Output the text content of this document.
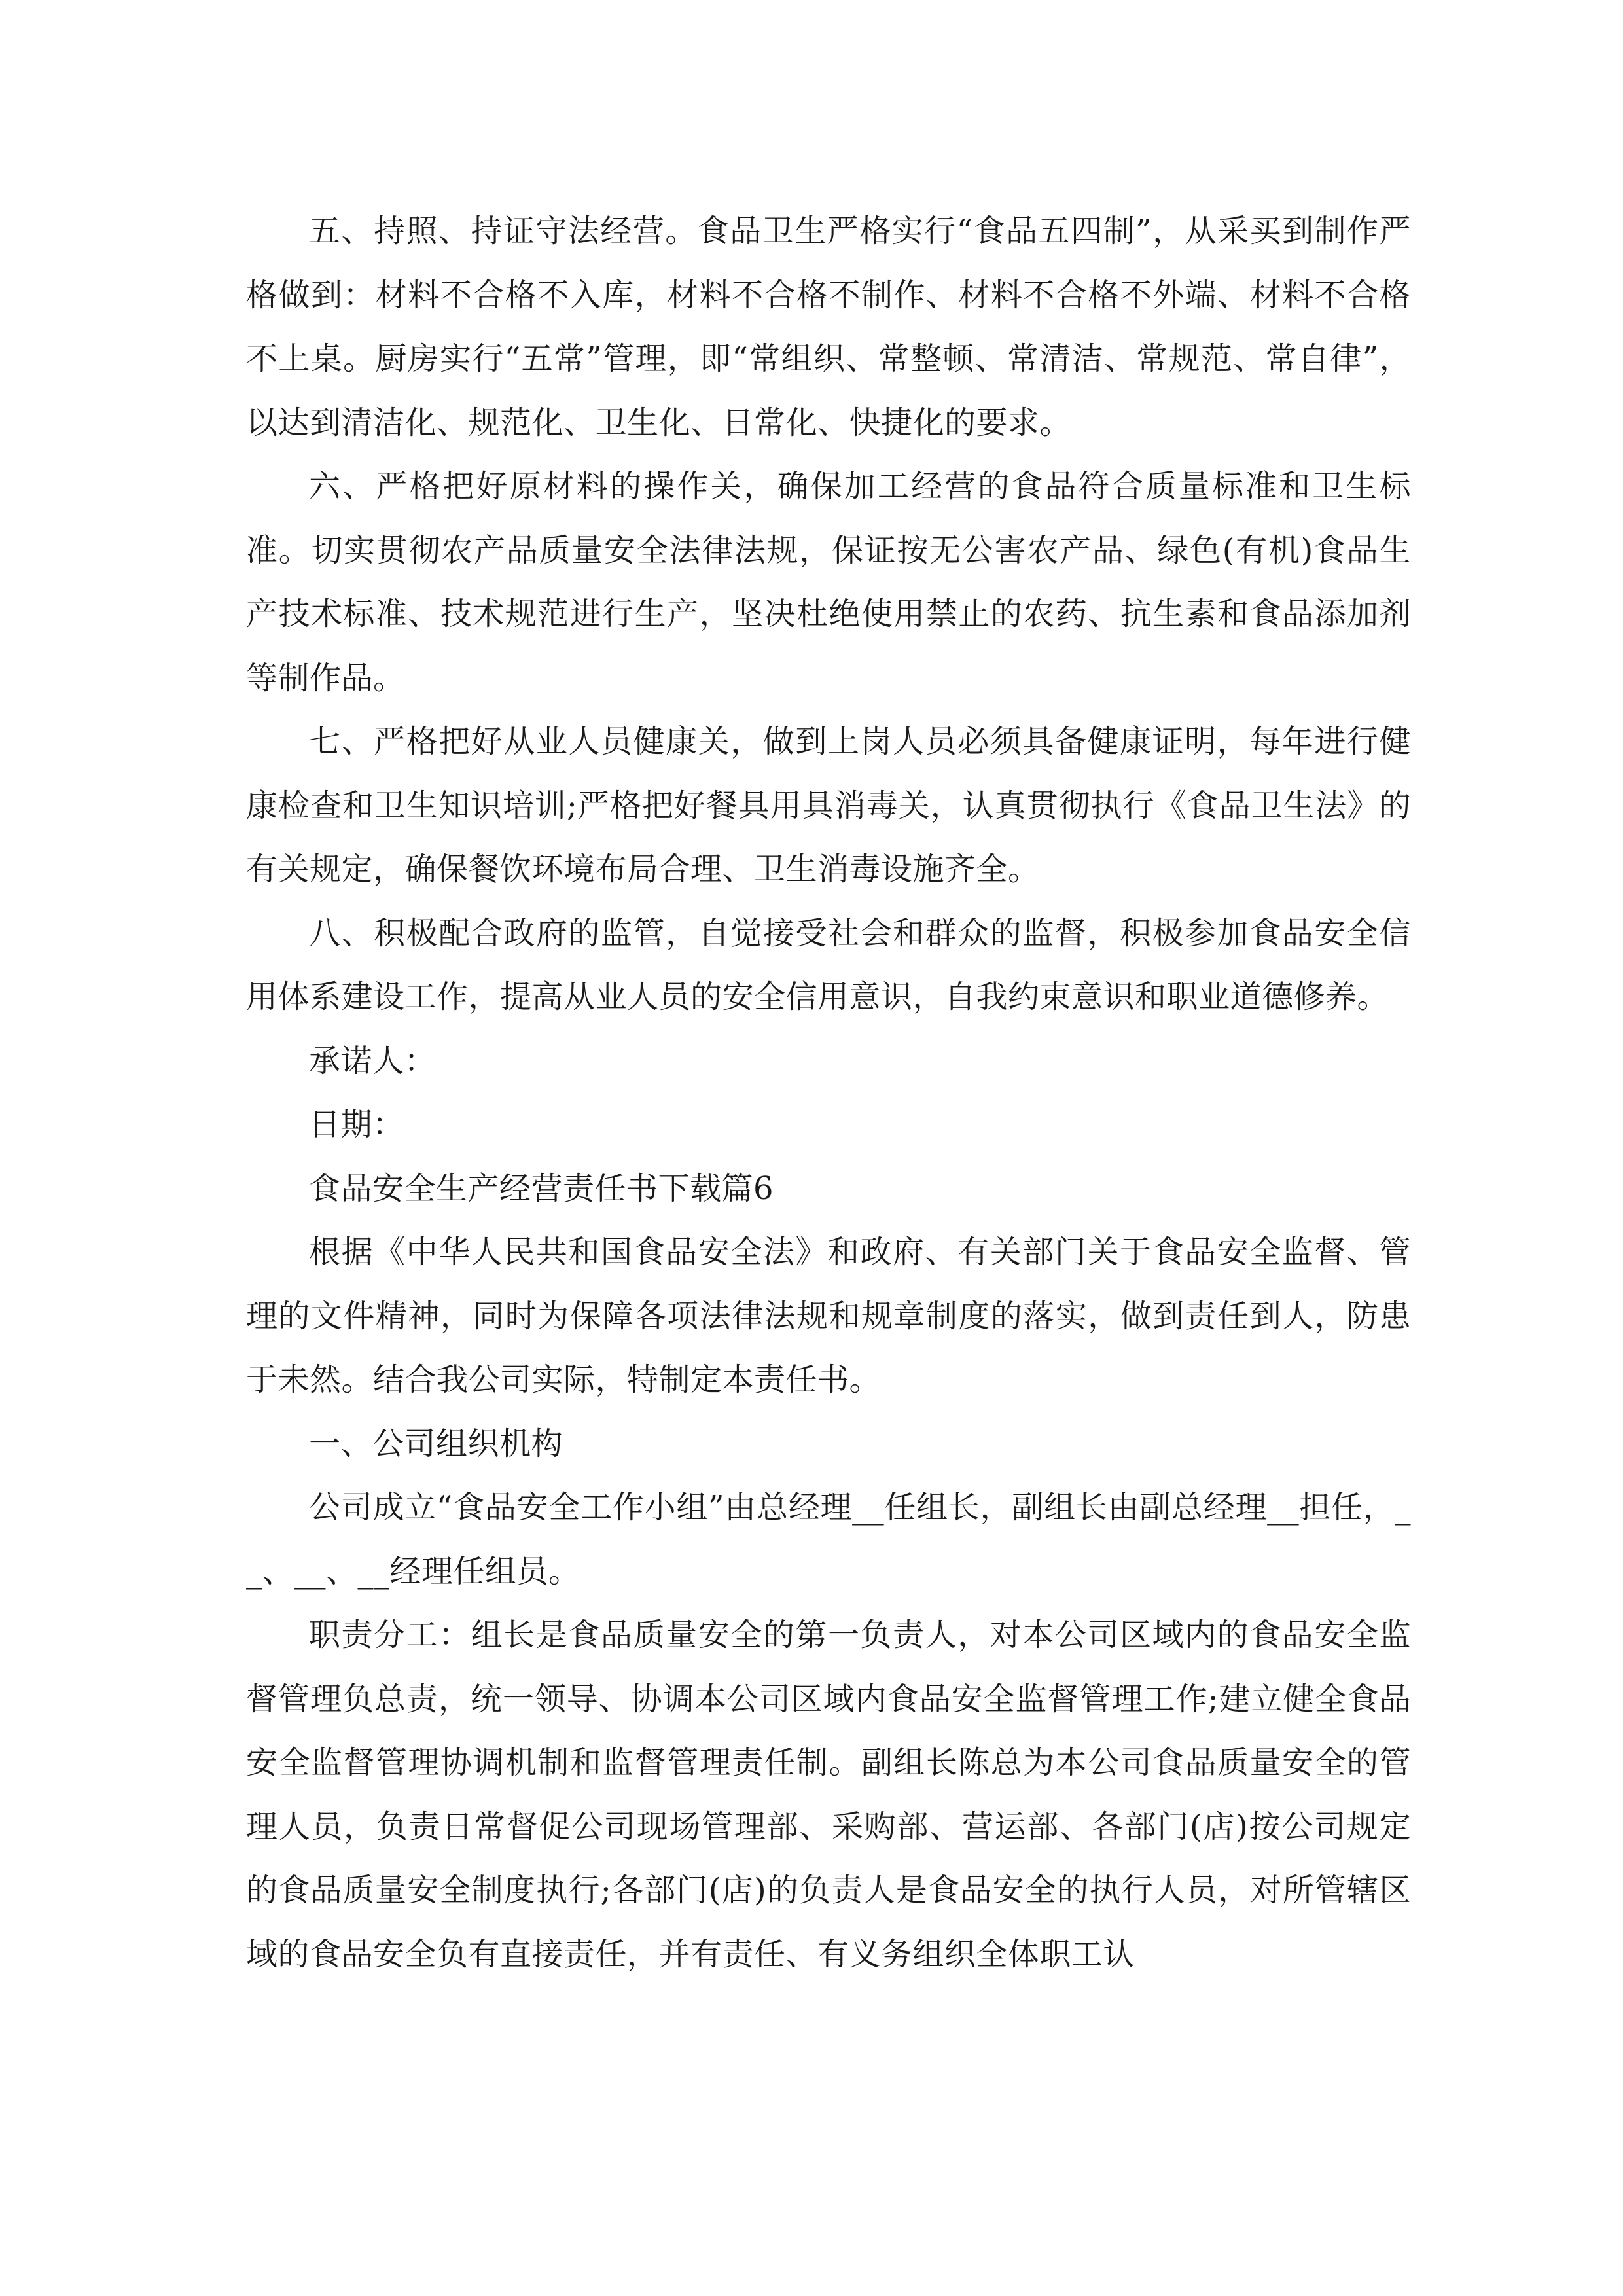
五、持照、持证守法经营。食品卫生严格实行“食品五四制”，从采买到制作严格做到：材料不合格不入库，材料不合格不制作、材料不合格不外端、材料不合格不上桌。厨房实行“五常”管理，即“常组织、常整顿、常清洁、常规范、常自律”，以达到清洁化、规范化、卫生化、日常化、快捷化的要求。

六、严格把好原材料的操作关，确保加工经营的食品符合质量标准和卫生标准。切实贯彻农产品质量安全法律法规，保证按无公害农产品、绿色(有机)食品生产技术标准、技术规范进行生产，坚决杜绝使用禁止的农药、抗生素和食品添加剂等制作品。

七、严格把好从业人员健康关，做到上岗人员必须具备健康证明，每年进行健康检查和卫生知识培训;严格把好餐具用具消毒关，认真贯彻执行《食品卫生法》的有关规定，确保餐饮环境布局合理、卫生消毒设施齐全。

八、积极配合政府的监管，自觉接受社会和群众的监督，积极参加食品安全信用体系建设工作，提高从业人员的安全信用意识，自我约束意识和职业道德修养。

承诺人：

日期：

食品安全生产经营责任书下载篇6

根据《中华人民共和国食品安全法》和政府、有关部门关于食品安全监督、管理的文件精神，同时为保障各项法律法规和规章制度的落实，做到责任到人，防患于未然。结合我公司实际，特制定本责任书。

一、公司组织机构

公司成立“食品安全工作小组”由总经理__任组长，副组长由副总经理__担任，__、__、__经理任组员。

职责分工：组长是食品质量安全的第一负责人，对本公司区域内的食品安全监督管理负总责，统一领导、协调本公司区域内食品安全监督管理工作;建立健全食品安全监督管理协调机制和监督管理责任制。副组长陈总为本公司食品质量安全的管理人员，负责日常督促公司现场管理部、采购部、营运部、各部门(店)按公司规定的食品质量安全制度执行;各部门(店)的负责人是食品安全的执行人员，对所管辖区域的食品安全负有直接责任，并有责任、有义务组织全体职工认
